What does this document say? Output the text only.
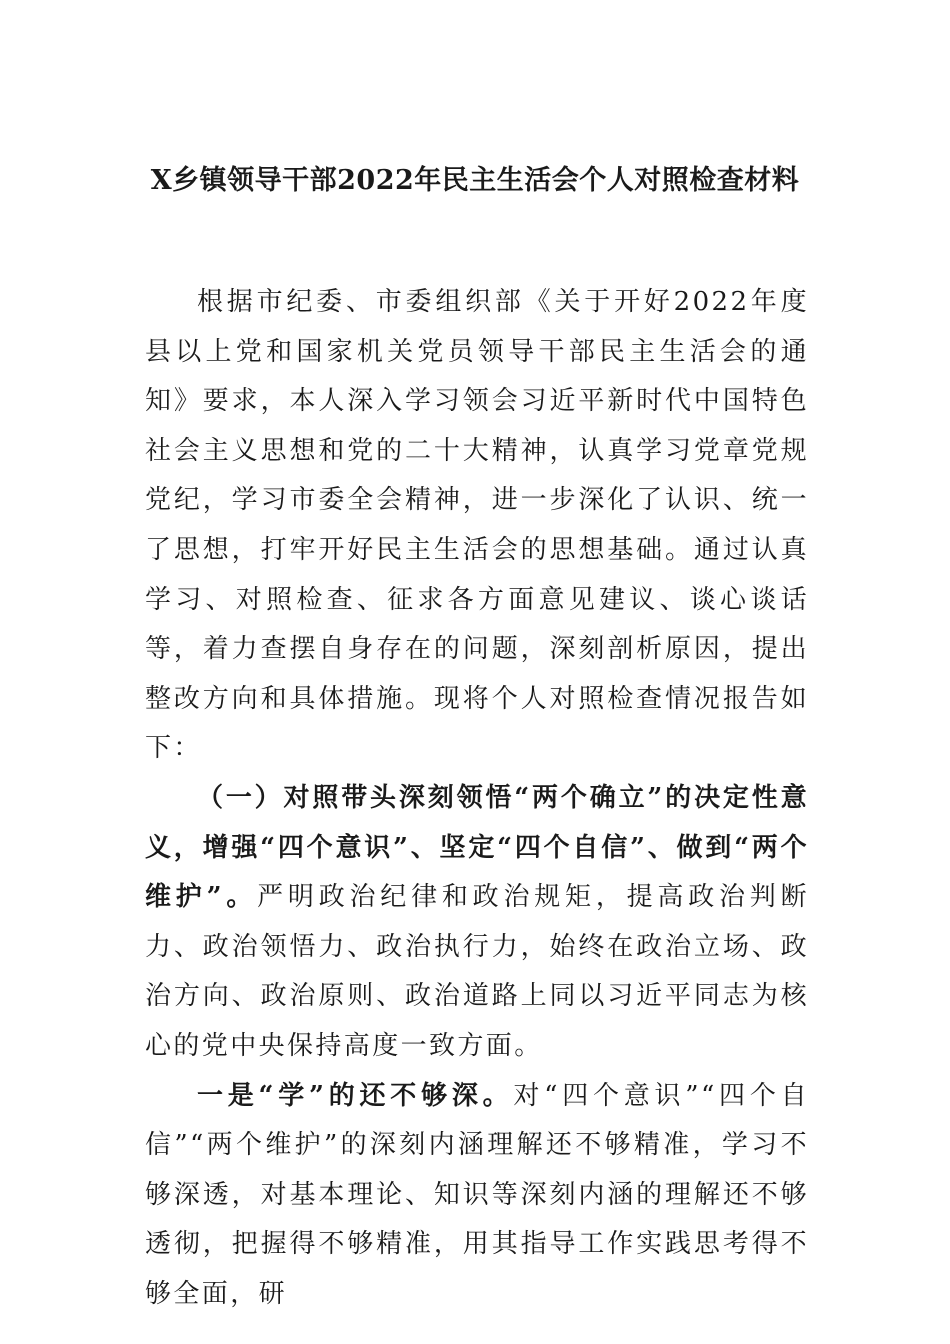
X乡镇领导干部2022年民主生活会个人对照检查材料

根据市纪委、市委组织部《关于开好2022年度县以上党和国家机关党员领导干部民主生活会的通知》要求，本人深入学习领会习近平新时代中国特色社会主义思想和党的二十大精神，认真学习党章党规党纪，学习市委全会精神，进一步深化了认识、统一了思想，打牢开好民主生活会的思想基础。通过认真学习、对照检查、征求各方面意见建议、谈心谈话等，着力查摆自身存在的问题，深刻剖析原因，提出整改方向和具体措施。现将个人对照检查情况报告如下：

（一）对照带头深刻领悟“两个确立”的决定性意义，增强“四个意识”、坚定“四个自信”、做到“两个维护”。严明政治纪律和政治规矩，提高政治判断力、政治领悟力、政治执行力，始终在政治立场、政治方向、政治原则、政治道路上同以习近平同志为核心的党中央保持高度一致方面。

一是“学”的还不够深。对“四个意识”“四个自信”“两个维护”的深刻内涵理解还不够精准，学习不够深透，对基本理论、知识等深刻内涵的理解还不够透彻，把握得不够精准，用其指导工作实践思考得不够全面，研
